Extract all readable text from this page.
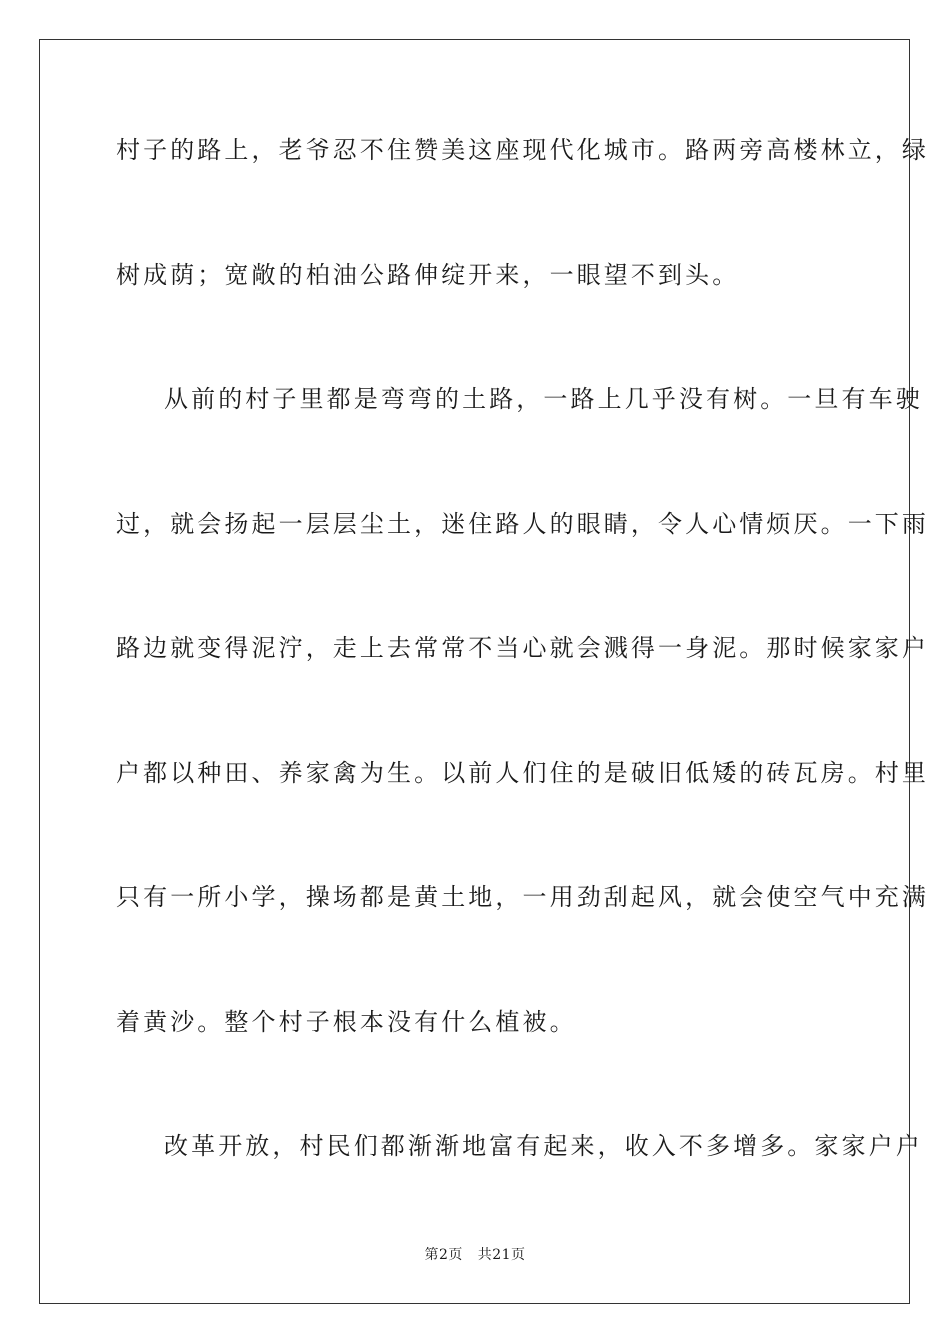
村子的路上，老爷忍不住赞美这座现代化城市。路两旁高楼林立，绿
树成荫；宽敞的柏油公路伸绽开来，一眼望不到头。
从前的村子里都是弯弯的土路，一路上几乎没有树。一旦有车驶
过，就会扬起一层层尘土，迷住路人的眼睛，令人心情烦厌。一下雨
路边就变得泥泞，走上去常常不当心就会溅得一身泥。那时候家家户
户都以种田、养家禽为生。以前人们住的是破旧低矮的砖瓦房。村里
只有一所小学，操场都是黄土地，一用劲刮起风，就会使空气中充满
着黄沙。整个村子根本没有什么植被。
改革开放，村民们都渐渐地富有起来，收入不多增多。家家户户
第2页   共21页
